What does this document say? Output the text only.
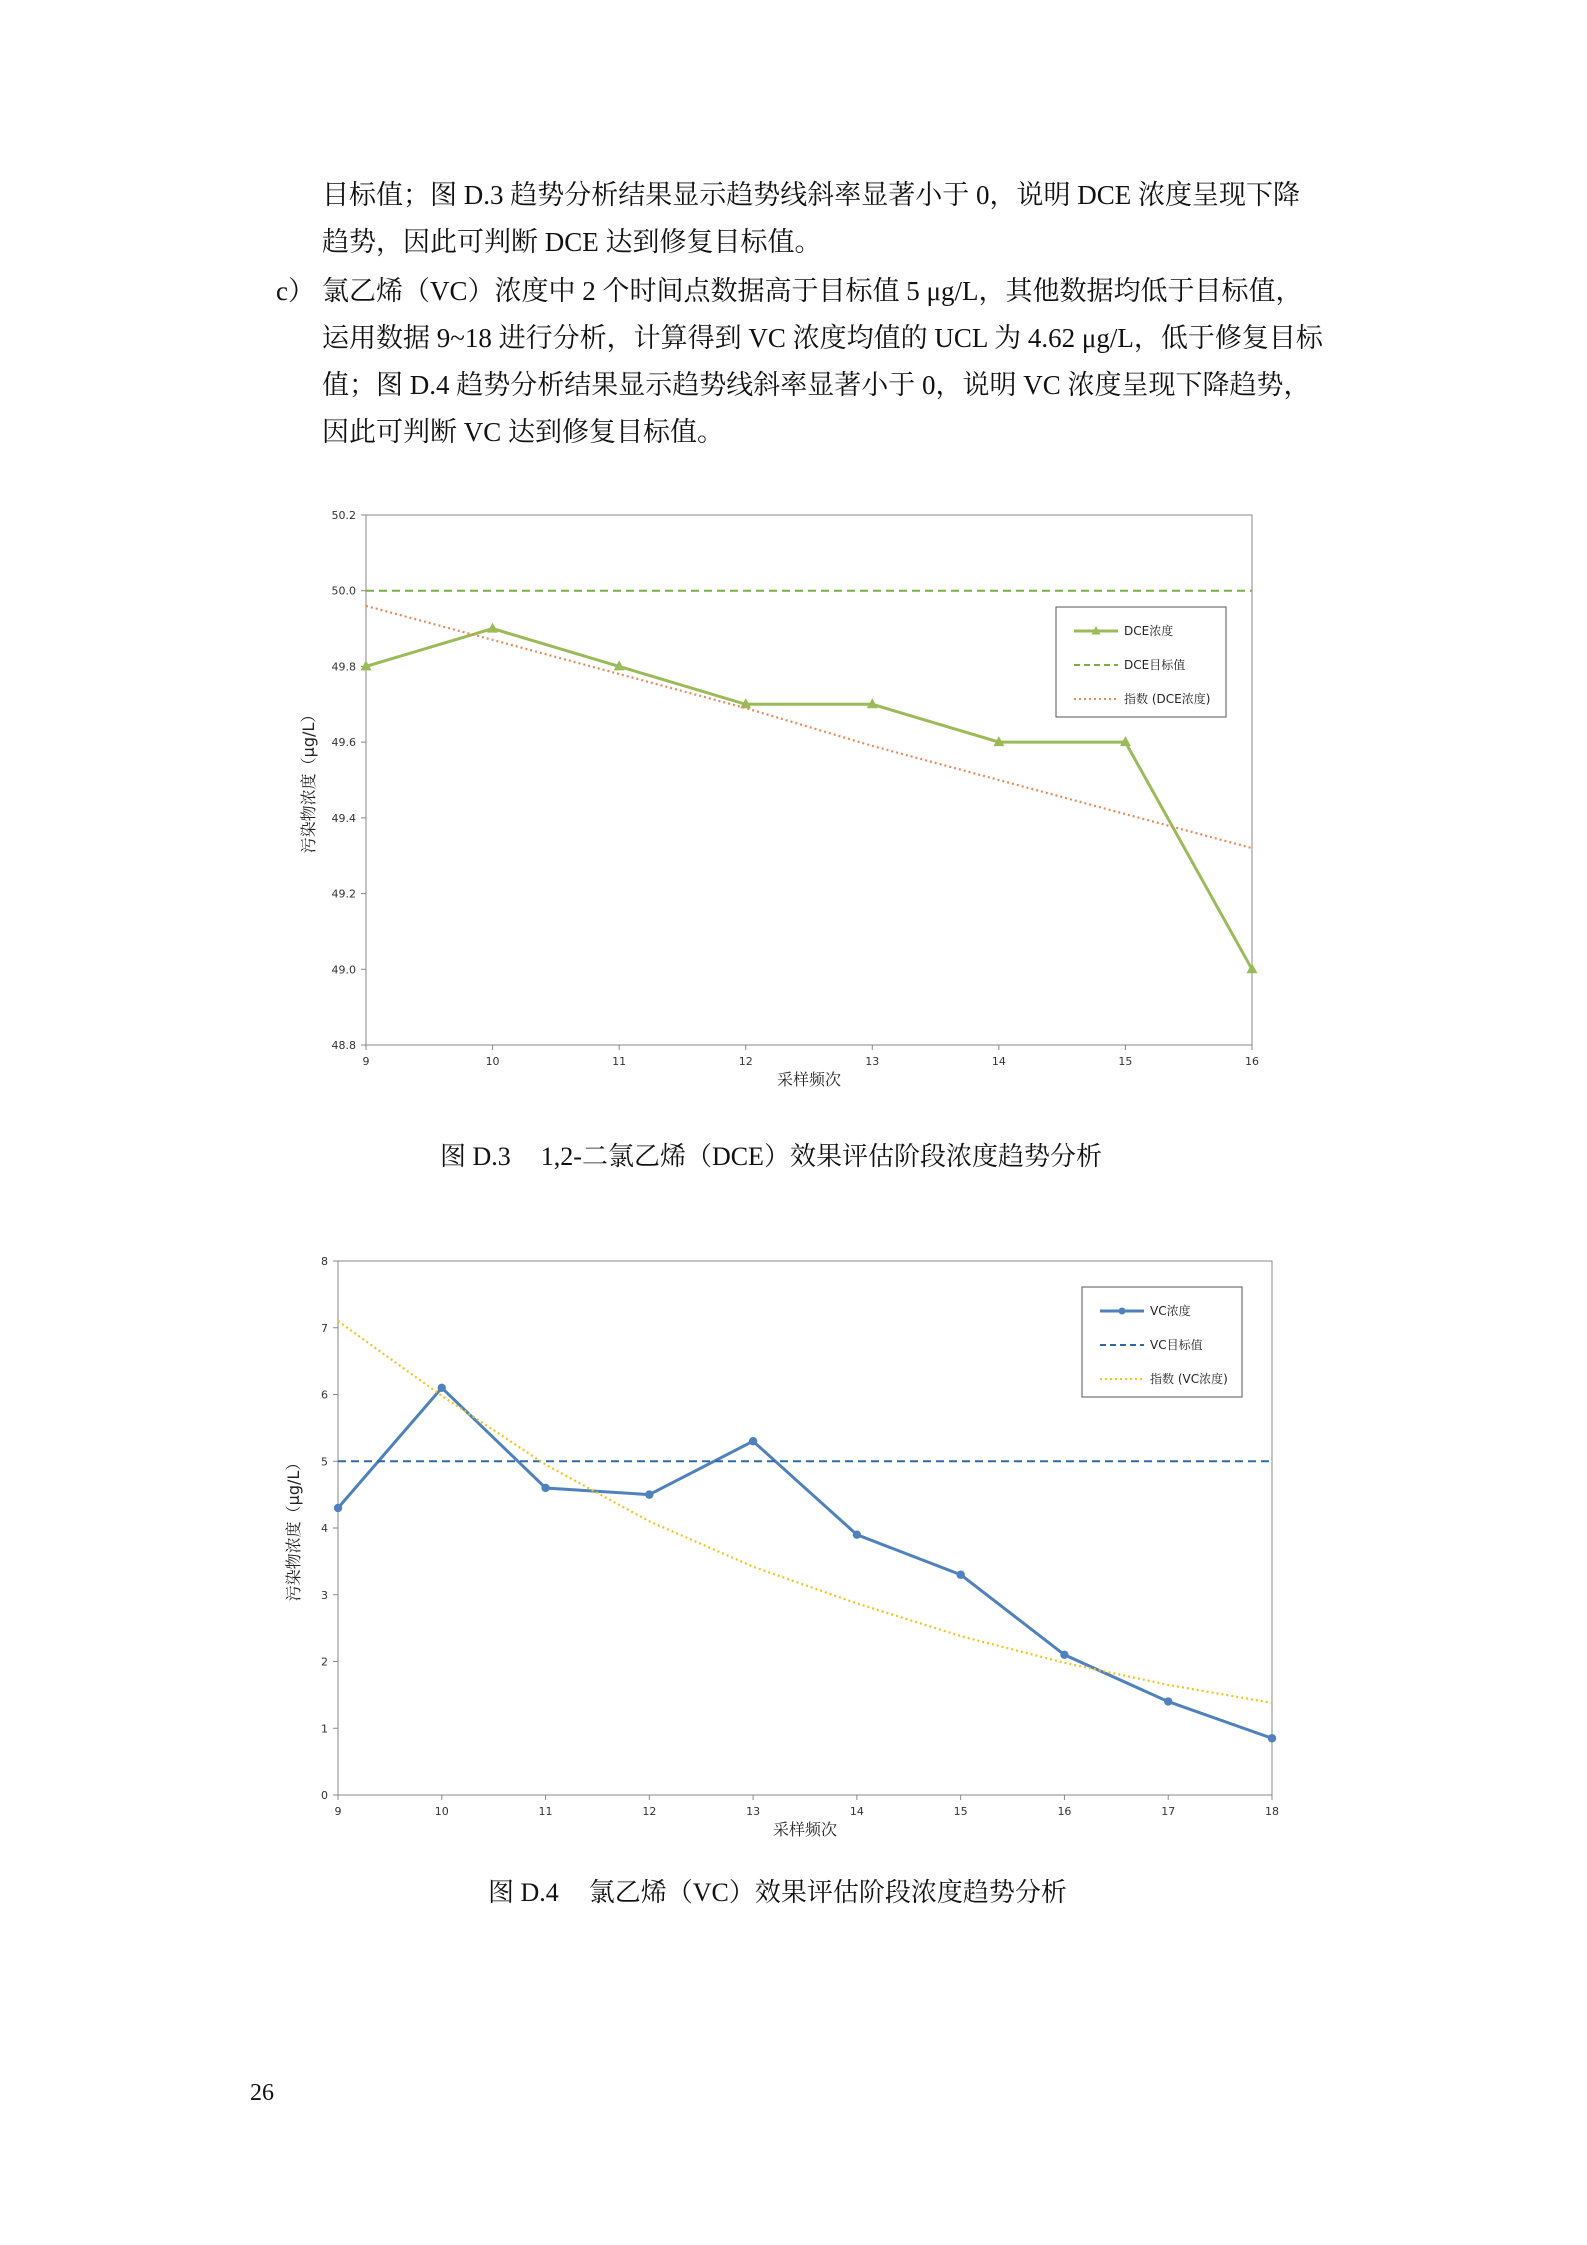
目标值；图 D.3 趋势分析结果显示趋势线斜率显著小于 0，说明 DCE 浓度呈现下降
趋势，因此可判断 DCE 达到修复目标值。
c） 氯乙烯（VC）浓度中 2 个时间点数据高于目标值 5 μg/L，其他数据均低于目标值，
运用数据 9~18 进行分析，计算得到 VC 浓度均值的 UCL 为 4.62 μg/L，低于修复目标
值；图 D.4 趋势分析结果显示趋势线斜率显著小于 0，说明 VC 浓度呈现下降趋势，
因此可判断 VC 达到修复目标值。
48.8
49.0
49.2
49.4
49.6
49.8
50.0
50.2
9	10	11	12	13	14	15	16
采样频次
污染物浓度（μg/L）
DCE浓度
DCE目标值
指数 (DCE浓度)
图 D.3 1,2-二氯乙烯（DCE）效果评估阶段浓度趋势分析
0
1
2
3
4
5
6
7
8
9	10	11	12	13	14	15	16	17	18
采样频次
污染物浓度（μg/L）
VC浓度
VC目标值
指数 (VC浓度)
图 D.4 氯乙烯（VC）效果评估阶段浓度趋势分析
26
